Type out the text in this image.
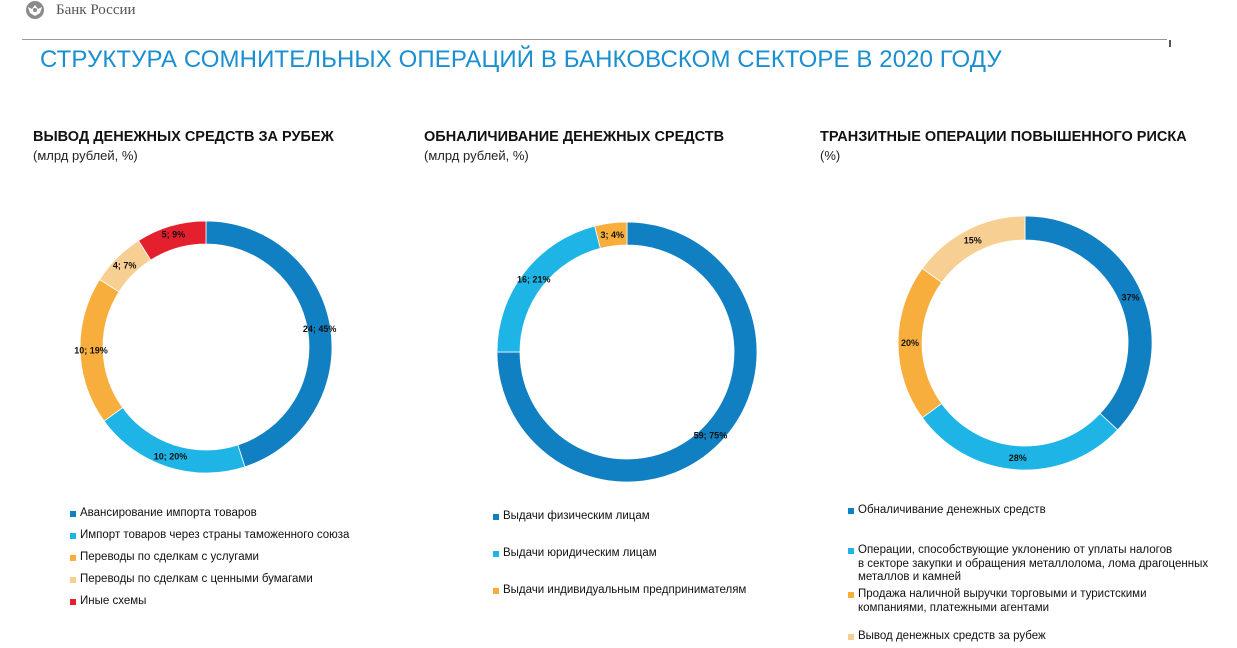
Банк России
СТРУКТУРА СОМНИТЕЛЬНЫХ ОПЕРАЦИЙ В БАНКОВСКОМ СЕКТОРЕ В 2020 ГОДУ
ВЫВОД ДЕНЕЖНЫХ СРЕДСТВ ЗА РУБЕЖ
(млрд рублей, %)
24; 45%
10; 20%
10; 19%
4; 7%
5; 9%
Авансирование импорта товаров
Импорт товаров через страны таможенного союза
Переводы по сделкам с услугами
Переводы по сделкам с ценными бумагами
Иные схемы
ОБНАЛИЧИВАНИЕ ДЕНЕЖНЫХ СРЕДСТВ
(млрд рублей, %)
59; 75%
16; 21%
3; 4%
Выдачи физическим лицам
Выдачи юридическим лицам
Выдачи индивидуальным предпринимателям
ТРАНЗИТНЫЕ ОПЕРАЦИИ ПОВЫШЕННОГО РИСКА
(%)
37%
28%
20%
15%
Обналичивание денежных средств
Операции, способствующие уклонению от уплаты налогов
в секторе закупки и обращения металлолома, лома драгоценных
металлов и камней
Продажа наличной выручки торговыми и туристскими
компаниями, платежными агентами
Вывод денежных средств за рубеж
